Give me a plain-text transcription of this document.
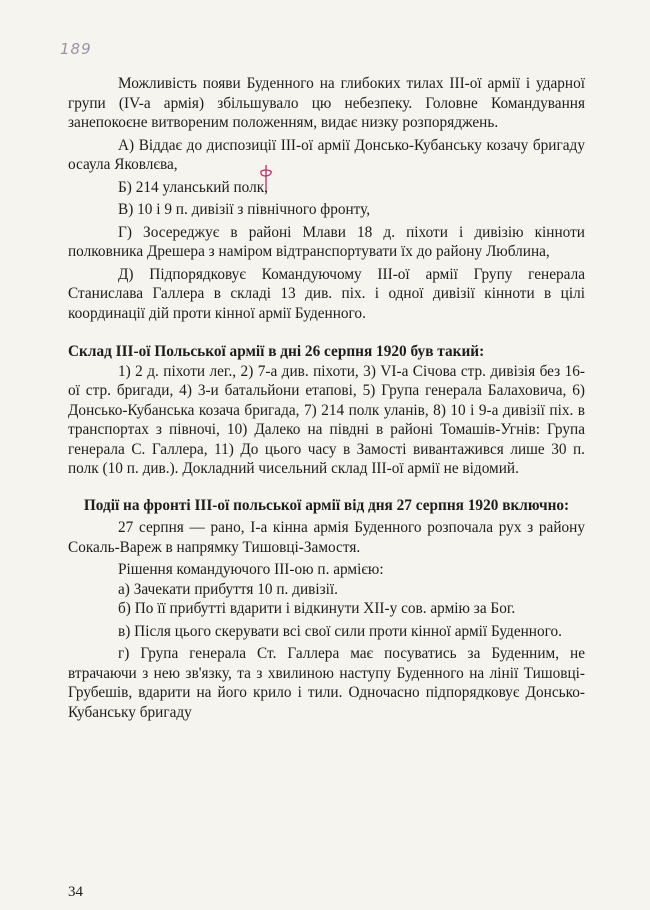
189

Можливість появи Буденного на глибоких тилах III-ої армії і ударної групи (IV-a армія) збільшувало цю небезпеку. Головне Командування занепокоєне витвореним положенням, видає низку розпоряджень.

А) Віддає до диспозиції III-ої армії Донсько-Кубанську козачу бригаду осаула Яковлєва,

Б) 214 уланський полк,

В) 10 і 9 п. дивізії з північного фронту,

Г) Зосереджує в районі Млави 18 д. піхоти і дивізію кінноти полковника Дрешера з наміром відтранспортувати їх до району Люблина,

Д) Підпорядковує Командуючому III-ої армії Групу генерала Станислава Галлера в складі 13 див. піх. і одної дивізії кінноти в цілі координації дій проти кінної армії Буденного.

Склад III-ої Польської армії в дні 26 серпня 1920 був такий:

1) 2 д. піхоти лег., 2) 7-а див. піхоти, 3) VI-а Січова стр. дивізія без 16-ої стр. бригади, 4) 3-и батальйони етапові, 5) Група генерала Балаховича, 6) Донсько-Кубанська козача бригада, 7) 214 полк уланів, 8) 10 і 9-а дивізії піх. в транспортах з півночі, 10) Далеко на півдні в районі Томашів-Угнів: Група генерала С. Галлера, 11) До цього часу в Замості вивантажився лише 30 п. полк (10 п. див.). Докладний чисельний склад III-ої армії не відомий.

Події на фронті III-ої польської армії від дня 27 серпня 1920 включно:

27 серпня — рано, І-а кінна армія Буденного розпочала рух з району Сокаль-Вареж в напрямку Тишовці-Замостя.

Рішення командуючого III-ою п. армією:

а) Зачекати прибуття 10 п. дивізії.

б) По її прибутті вдарити і відкинути XII-у сов. армію за Бог.

в) Після цього скерувати всі свої сили проти кінної армії Буденного.

г) Група генерала Ст. Галлера має посуватись за Буденним, не втрачаючи з нею зв'язку, та з хвилиною наступу Буденного на лінії Тишовці-Грубешів, вдарити на його крило і тили. Одночасно підпорядковує Донсько-Кубанську бригаду

34
